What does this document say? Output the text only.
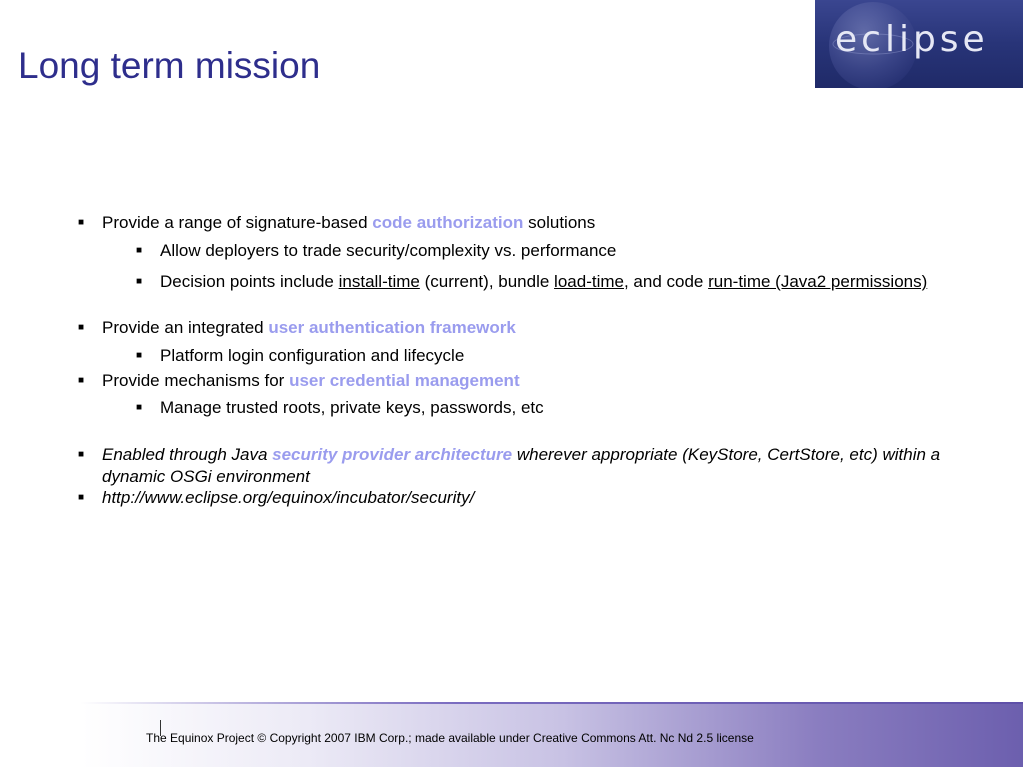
Long term mission
eclipse
■	Provide a range of signature-based code authorization solutions
■	Allow deployers to trade security/complexity vs. performance
■	Decision points include install-time (current), bundle load-time, and code run-time (Java2 permissions)
■	Provide an integrated user authentication framework
■	Platform login configuration and lifecycle
■	Provide mechanisms for user credential management
■	Manage trusted roots, private keys, passwords, etc
■	Enabled through Java security provider architecture wherever appropriate (KeyStore, CertStore, etc) within a dynamic OSGi environment
■	http://www.eclipse.org/equinox/incubator/security/
The Equinox Project © Copyright 2007 IBM Corp.; made available under Creative Commons Att. Nc Nd 2.5 license
